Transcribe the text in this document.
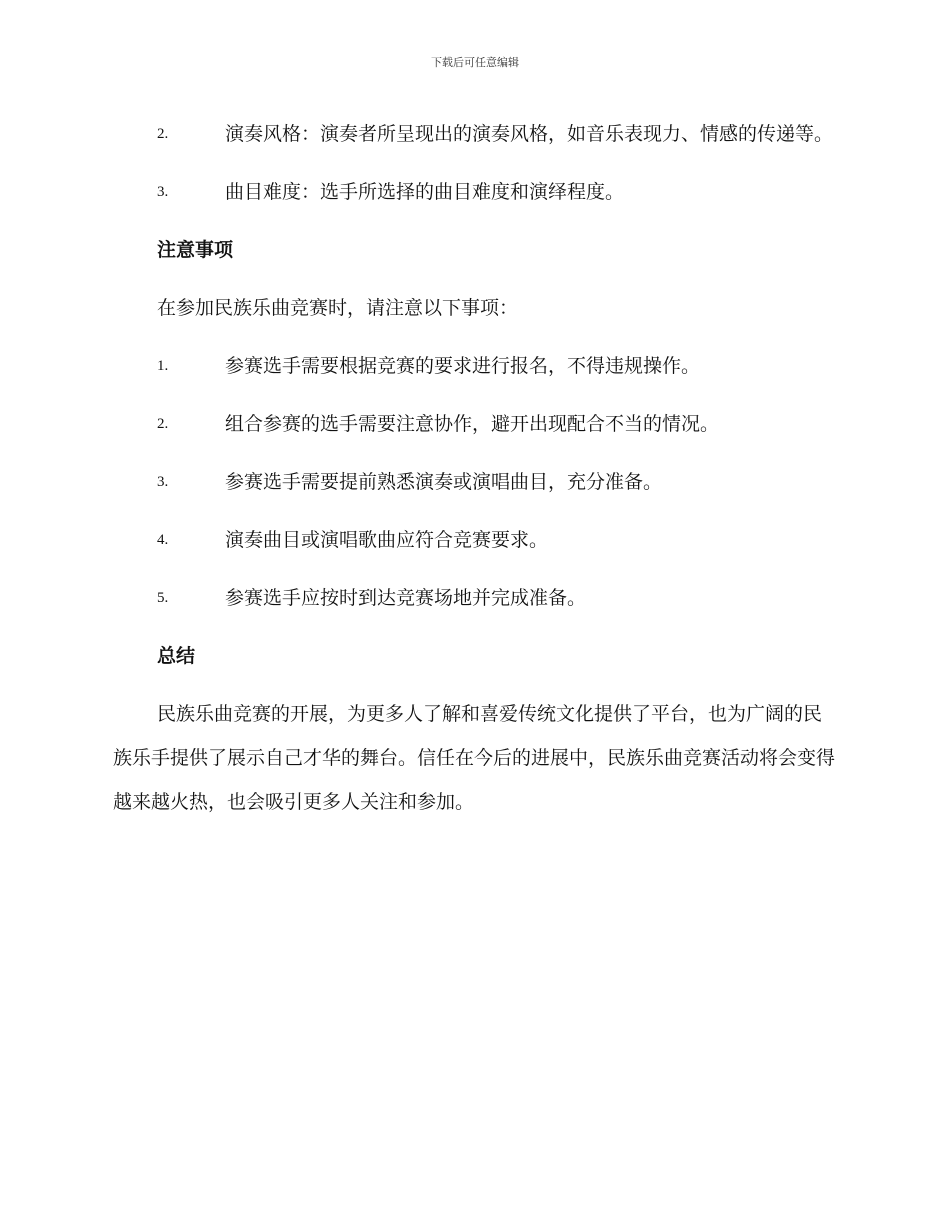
下载后可任意编辑
2.	演奏风格：演奏者所呈现出的演奏风格，如音乐表现力、情感的传递等。
3.	曲目难度：选手所选择的曲目难度和演绎程度。
注意事项
在参加民族乐曲竞赛时，请注意以下事项：
1.	参赛选手需要根据竞赛的要求进行报名，不得违规操作。
2.	组合参赛的选手需要注意协作，避开出现配合不当的情况。
3.	参赛选手需要提前熟悉演奏或演唱曲目，充分准备。
4.	演奏曲目或演唱歌曲应符合竞赛要求。
5.	参赛选手应按时到达竞赛场地并完成准备。
总结
民族乐曲竞赛的开展，为更多人了解和喜爱传统文化提供了平台，也为广阔的民族乐手提供了展示自己才华的舞台。信任在今后的进展中，民族乐曲竞赛活动将会变得越来越火热，也会吸引更多人关注和参加。
